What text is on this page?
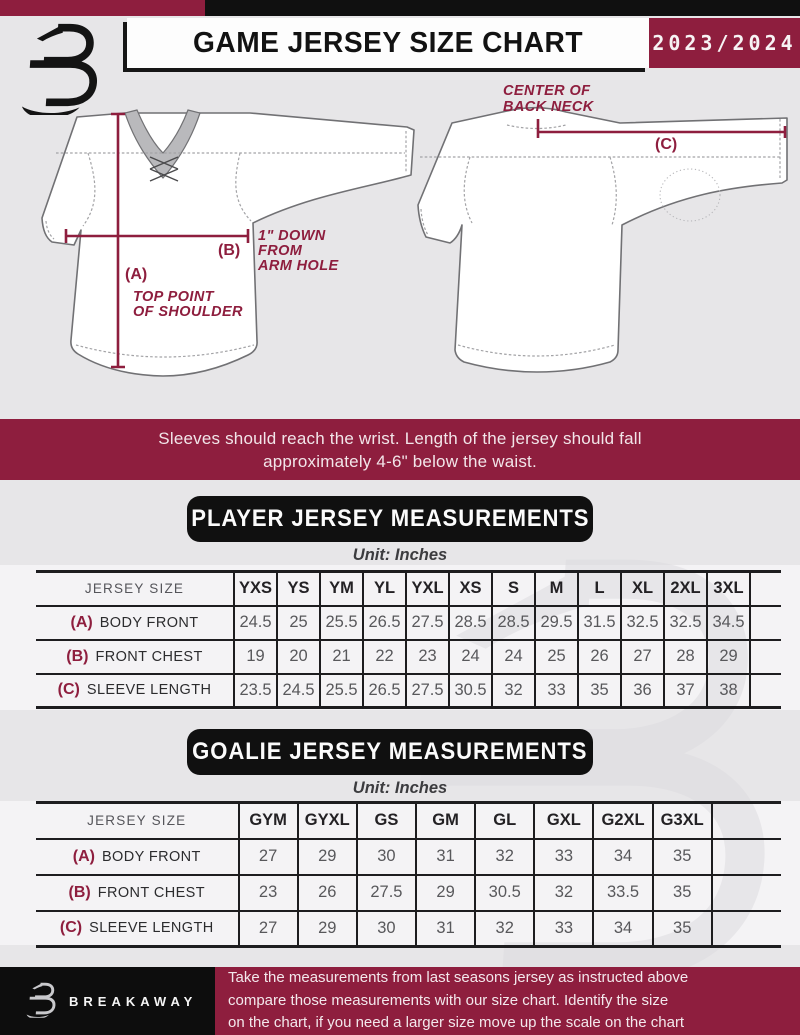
GAME JERSEY SIZE CHART	2023/2024
(B)
1" DOWN
FROM
ARM HOLE
(A)
TOP POINT
OF SHOULDER
(C)
CENTER OF
BACK NECK
Sleeves should reach the wrist. Length of the jersey should fall
approximately 4-6" below the waist.
PLAYER JERSEY MEASUREMENTS
Unit: Inches
JERSEY SIZE	YXS	YS	YM	YL	YXL	XS	S	M	L	XL	2XL	3XL	
(A) BODY FRONT	24.5	25	25.5	26.5	27.5	28.5	28.5	29.5	31.5	32.5	32.5	34.5	
(B) FRONT CHEST	19	20	21	22	23	24	24	25	26	27	28	29	
(C) SLEEVE LENGTH	23.5	24.5	25.5	26.5	27.5	30.5	32	33	35	36	37	38	
GOALIE JERSEY MEASUREMENTS
Unit: Inches
JERSEY SIZE	GYM	GYXL	GS	GM	GL	GXL	G2XL	G3XL	
(A) BODY FRONT	27	29	30	31	32	33	34	35	
(B) FRONT CHEST	23	26	27.5	29	30.5	32	33.5	35	
(C) SLEEVE LENGTH	27	29	30	31	32	33	34	35	
BREAKAWAY
Take the measurements from last seasons jersey as instructed above
compare those measurements with our size chart. Identify the size
on the chart, if you need a larger size move up the scale on the chart
